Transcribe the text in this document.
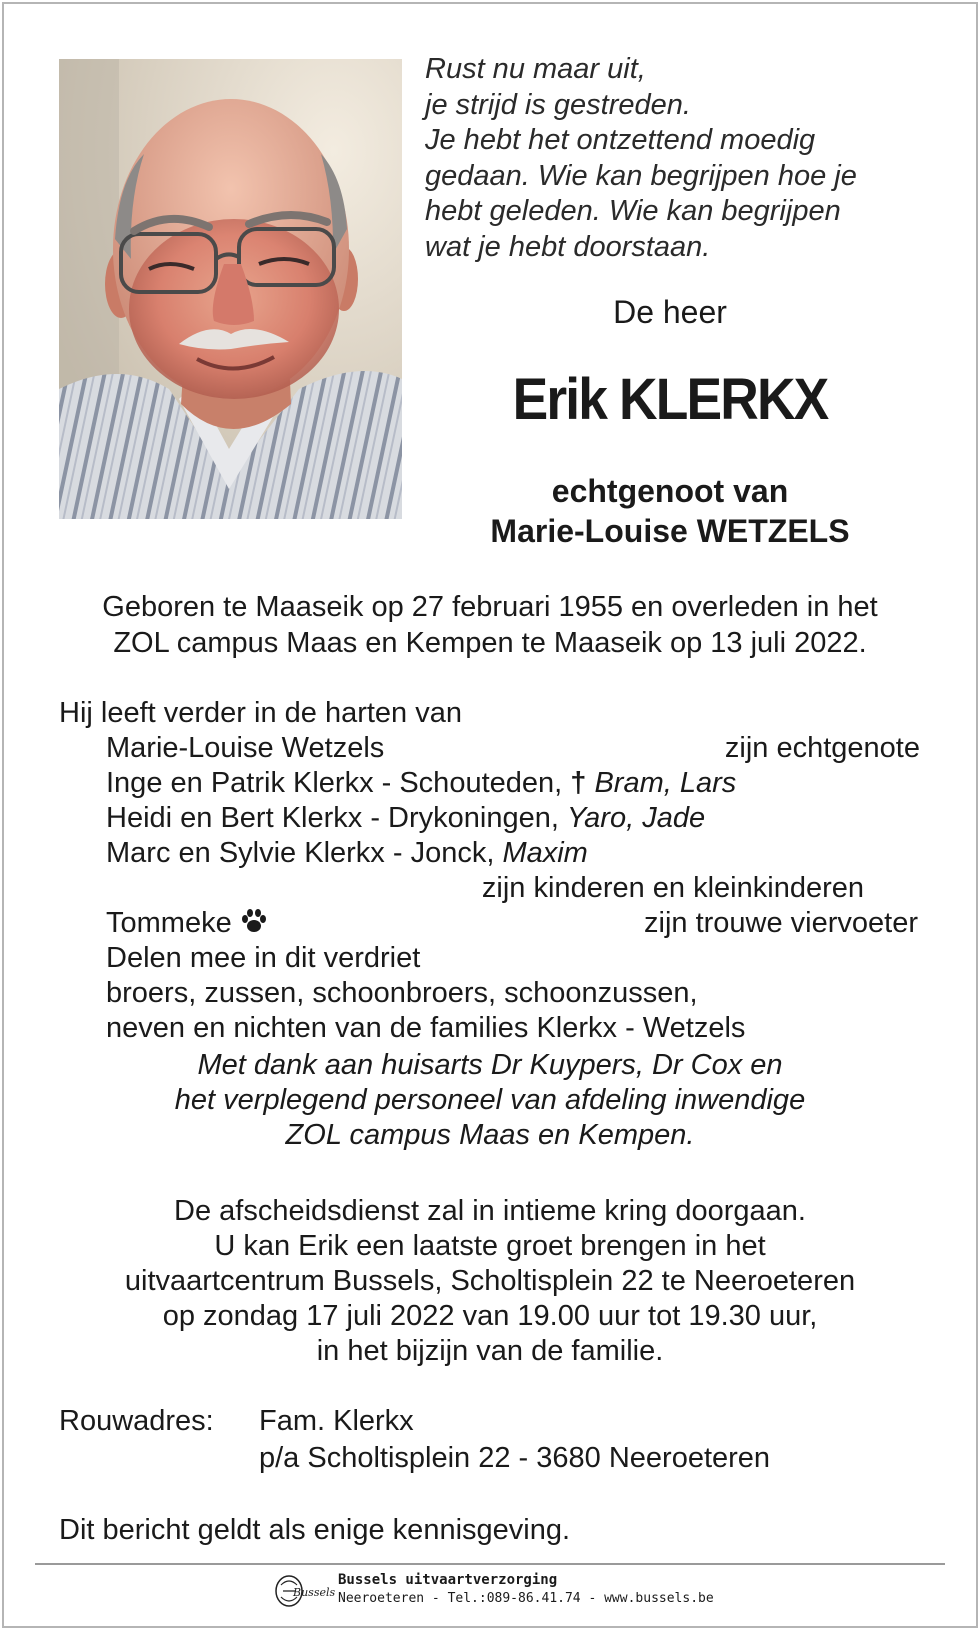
Rust nu maar uit,
je strijd is gestreden.
Je hebt het ontzettend moedig
gedaan. Wie kan begrijpen hoe je
hebt geleden. Wie kan begrijpen
wat je hebt doorstaan.
De heer
Erik KLERKX
echtgenoot van
Marie-Louise WETZELS
Geboren te Maaseik op 27 februari 1955 en overleden in het
ZOL campus Maas en Kempen te Maaseik op 13 juli 2022.
Hij leeft verder in de harten van
Marie-Louise Wetzels	zijn echtgenote
Inge en Patrik Klerkx - Schouteden, † Bram, Lars
Heidi en Bert Klerkx - Drykoningen, Yaro, Jade
Marc en Sylvie Klerkx - Jonck, Maxim
zijn kinderen en kleinkinderen
Tommeke	zijn trouwe viervoeter
Delen mee in dit verdriet
broers, zussen, schoonbroers, schoonzussen,
neven en nichten van de families Klerkx - Wetzels
Met dank aan huisarts Dr Kuypers, Dr Cox en
het verplegend personeel van afdeling inwendige
ZOL campus Maas en Kempen.
De afscheidsdienst zal in intieme kring doorgaan.
U kan Erik een laatste groet brengen in het
uitvaartcentrum Bussels, Scholtisplein 22 te Neeroeteren
op zondag 17 juli 2022 van 19.00 uur tot 19.30 uur,
in het bijzijn van de familie.
Rouwadres: Fam. Klerkx
p/a Scholtisplein 22 - 3680 Neeroeteren
Dit bericht geldt als enige kennisgeving.
Bussels
Bussels uitvaartverzorging
Neeroeteren - Tel.:089-86.41.74 - www.bussels.be
